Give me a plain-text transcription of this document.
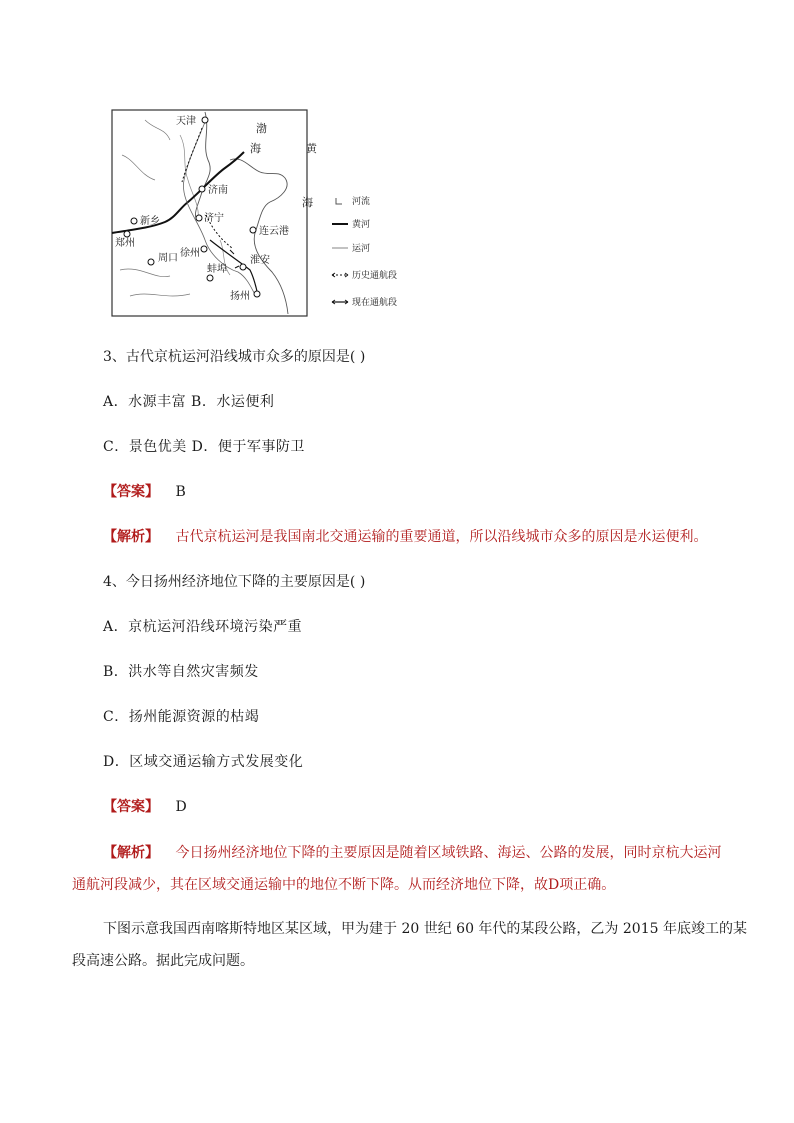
天津
济南
济宁
新乡
郑州
徐州
周口
蚌埠
淮安
连云港
扬州
渤
海	黄
海	河流
黄河
运河
历史通航段
现在通航段
3、古代京杭运河沿线城市众多的原因是( )
A．水源丰富 B．水运便利
C．景色优美 D．便于军事防卫
【答案】 B
【解析】 古代京杭运河是我国南北交通运输的重要通道，所以沿线城市众多的原因是水运便利。
4、今日扬州经济地位下降的主要原因是( )
A．京杭运河沿线环境污染严重
B．洪水等自然灾害频发
C．扬州能源资源的枯竭
D．区域交通运输方式发展变化
【答案】 D
【解析】 今日扬州经济地位下降的主要原因是随着区域铁路、海运、公路的发展，同时京杭大运河
通航河段减少，其在区域交通运输中的地位不断下降。从而经济地位下降，故D项正确。
下图示意我国西南喀斯特地区某区域，甲为建于 20 世纪 60 年代的某段公路，乙为 2015 年底竣工的某
段高速公路。据此完成问题。
